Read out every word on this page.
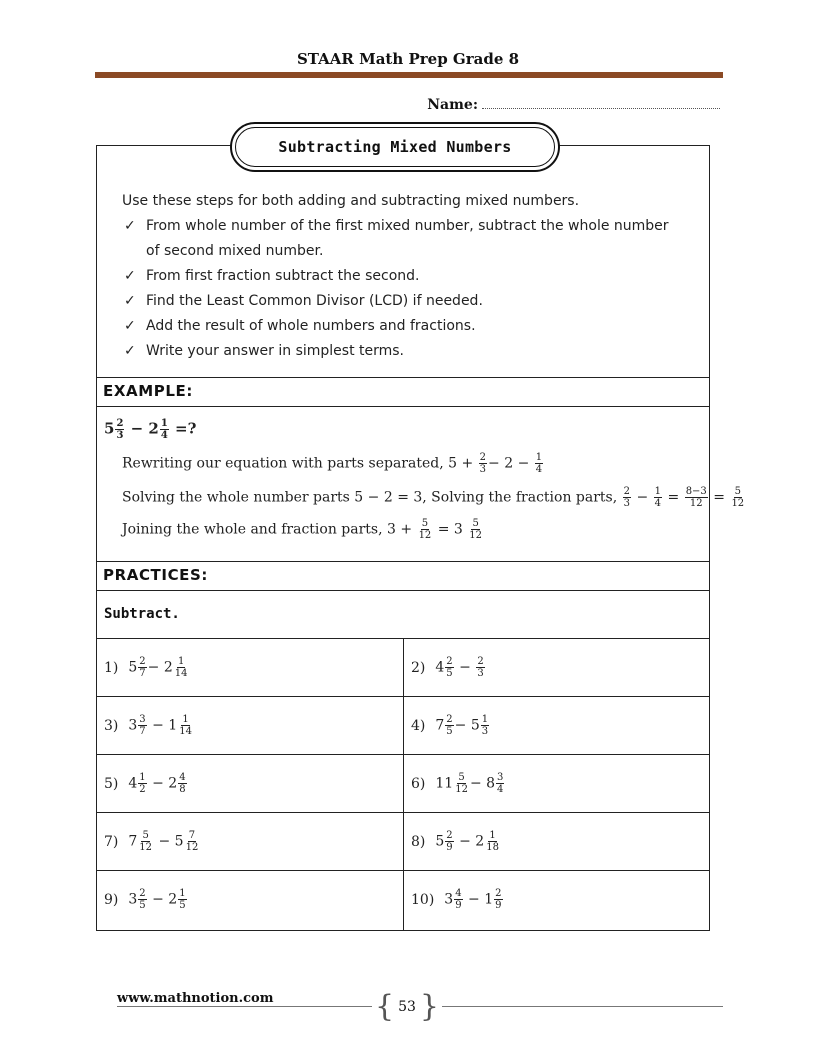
STAAR Math Prep Grade 8
Name:
Subtracting Mixed Numbers
Use these steps for both adding and subtracting mixed numbers.
✓ From whole number of the first mixed number, subtract the whole number
of second mixed number.
✓ From first fraction subtract the second.
✓ Find the Least Common Divisor (LCD) if needed.
✓ Add the result of whole numbers and fractions.
✓ Write your answer in simplest terms.
EXAMPLE:
$5 \frac{2}{3} - 2 \frac{1}{4}$ =?
Rewriting our equation with parts separated, $5 + \frac{2}{3} - 2 - \frac{1}{4}$
Solving the whole number parts 5 − 2 = 3, Solving the fraction parts, $\frac{2}{3} - \frac{1}{4} = \frac{8-3}{12} = \frac{5}{12}$
Joining the whole and fraction parts, $3 + \frac{5}{12} = 3 \frac{5}{12}$
PRACTICES:
Subtract.
1) $5 \frac{2}{7} - 2 \frac{1}{14}$	2) $4 \frac{2}{5} - \frac{2}{3}$
3) $3 \frac{3}{7} - 1 \frac{1}{14}$	4) $7 \frac{2}{5} - 5 \frac{1}{3}$
5) $4 \frac{1}{2} - 2 \frac{4}{8}$	6) $11 \frac{5}{12} - 8 \frac{3}{4}$
7) $7 \frac{5}{12} - 5 \frac{7}{12}$	8) $5 \frac{2}{9} - 2 \frac{1}{18}$
9) $3 \frac{2}{5} - 2 \frac{1}{5}$	10) $3 \frac{4}{9} - 1 \frac{2}{9}$
www.mathnotion.com	{ 53 }
